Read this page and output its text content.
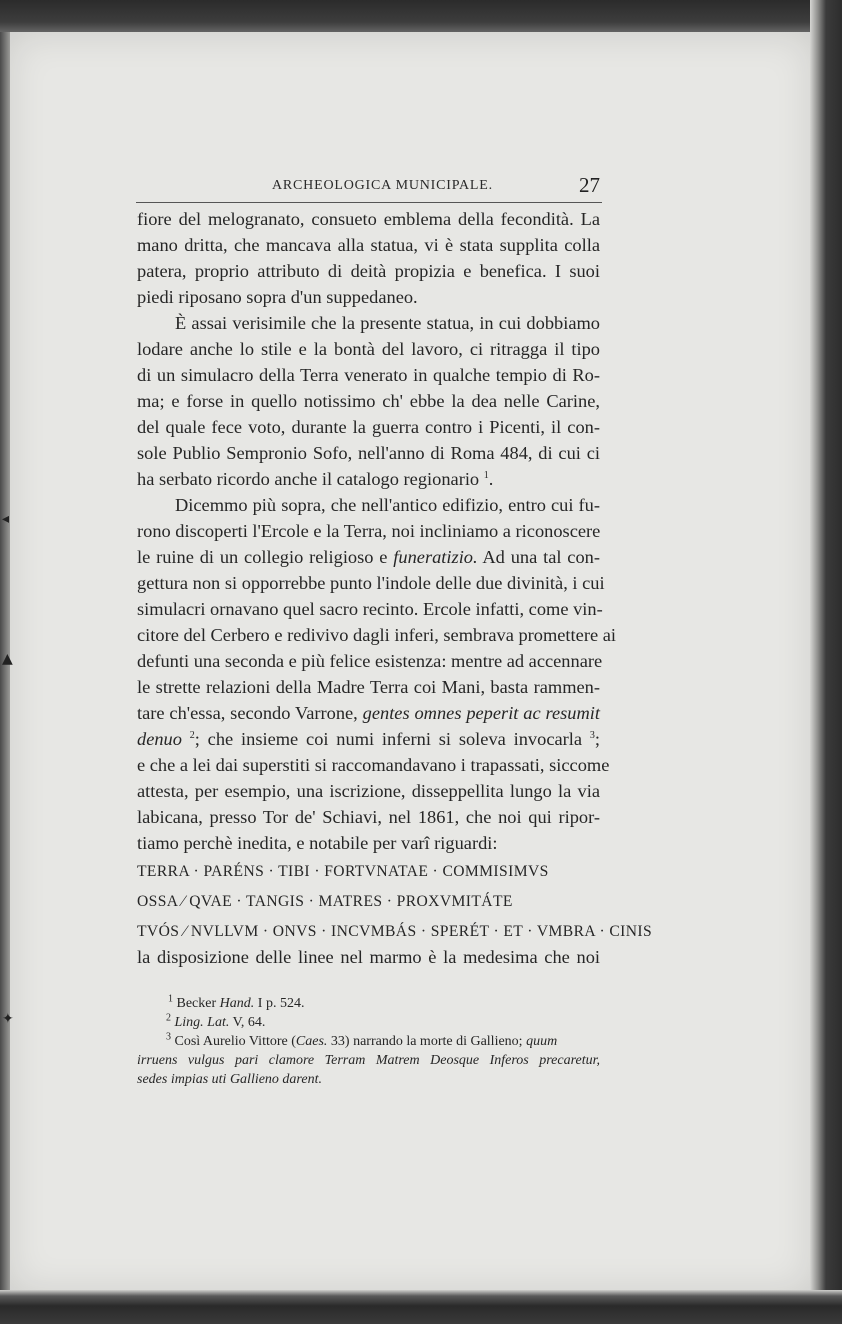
◂
▲
✦
ARCHEOLOGICA MUNICIPALE.	27
fiore del melogranato, consueto emblema della fecondità. La
mano dritta, che mancava alla statua, vi è stata supplita colla
patera, proprio attributo di deità propizia e benefica. I suoi
piedi riposano sopra d'un suppedaneo.
È assai verisimile che la presente statua, in cui dobbiamo
lodare anche lo stile e la bontà del lavoro, ci ritragga il tipo
di un simulacro della Terra venerato in qualche tempio di Ro-
ma; e forse in quello notissimo ch' ebbe la dea nelle Carine,
del quale fece voto, durante la guerra contro i Picenti, il con-
sole Publio Sempronio Sofo, nell'anno di Roma 484, di cui ci
ha serbato ricordo anche il catalogo regionario $^1$.
Dicemmo più sopra, che nell'antico edifizio, entro cui fu-
rono discoperti l'Ercole e la Terra, noi incliniamo a riconoscere
le ruine di un collegio religioso e funeratizio. Ad una tal con-
gettura non si opporrebbe punto l'indole delle due divinità, i cui
simulacri ornavano quel sacro recinto. Ercole infatti, come vin-
citore del Cerbero e redivivo dagli inferi, sembrava promettere ai
defunti una seconda e più felice esistenza: mentre ad accennare
le strette relazioni della Madre Terra coi Mani, basta rammen-
tare ch'essa, secondo Varrone, gentes omnes peperit ac resumit
denuo $^2$; che insieme coi numi inferni si soleva invocarla $^3$;
e che a lei dai superstiti si raccomandavano i trapassati, siccome
attesta, per esempio, una iscrizione, disseppellita lungo la via
labicana, presso Tor de' Schiavi, nel 1861, che noi qui ripor-
tiamo perchè inedita, e notabile per varî riguardi:
TERRA · PARÉNS · TIBI · FORTVNATAE · COMMISIMVS
OSSA ⁄ QVAE · TANGIS · MATRES · PROXVMITÁTE
TVÓS ⁄ NVLLVM · ONVS · INCVMBÁS · SPERÉT · ET · VMBRA · CINIS
la disposizione delle linee nel marmo è la medesima che noi
$^1$ Becker Hand. I p. 524.
$^2$ Ling. Lat. V, 64.
$^3$ Così Aurelio Vittore (Caes. 33) narrando la morte di Gallieno; quum
irruens vulgus pari clamore Terram Matrem Deosque Inferos precaretur,
sedes impias uti Gallieno darent.
